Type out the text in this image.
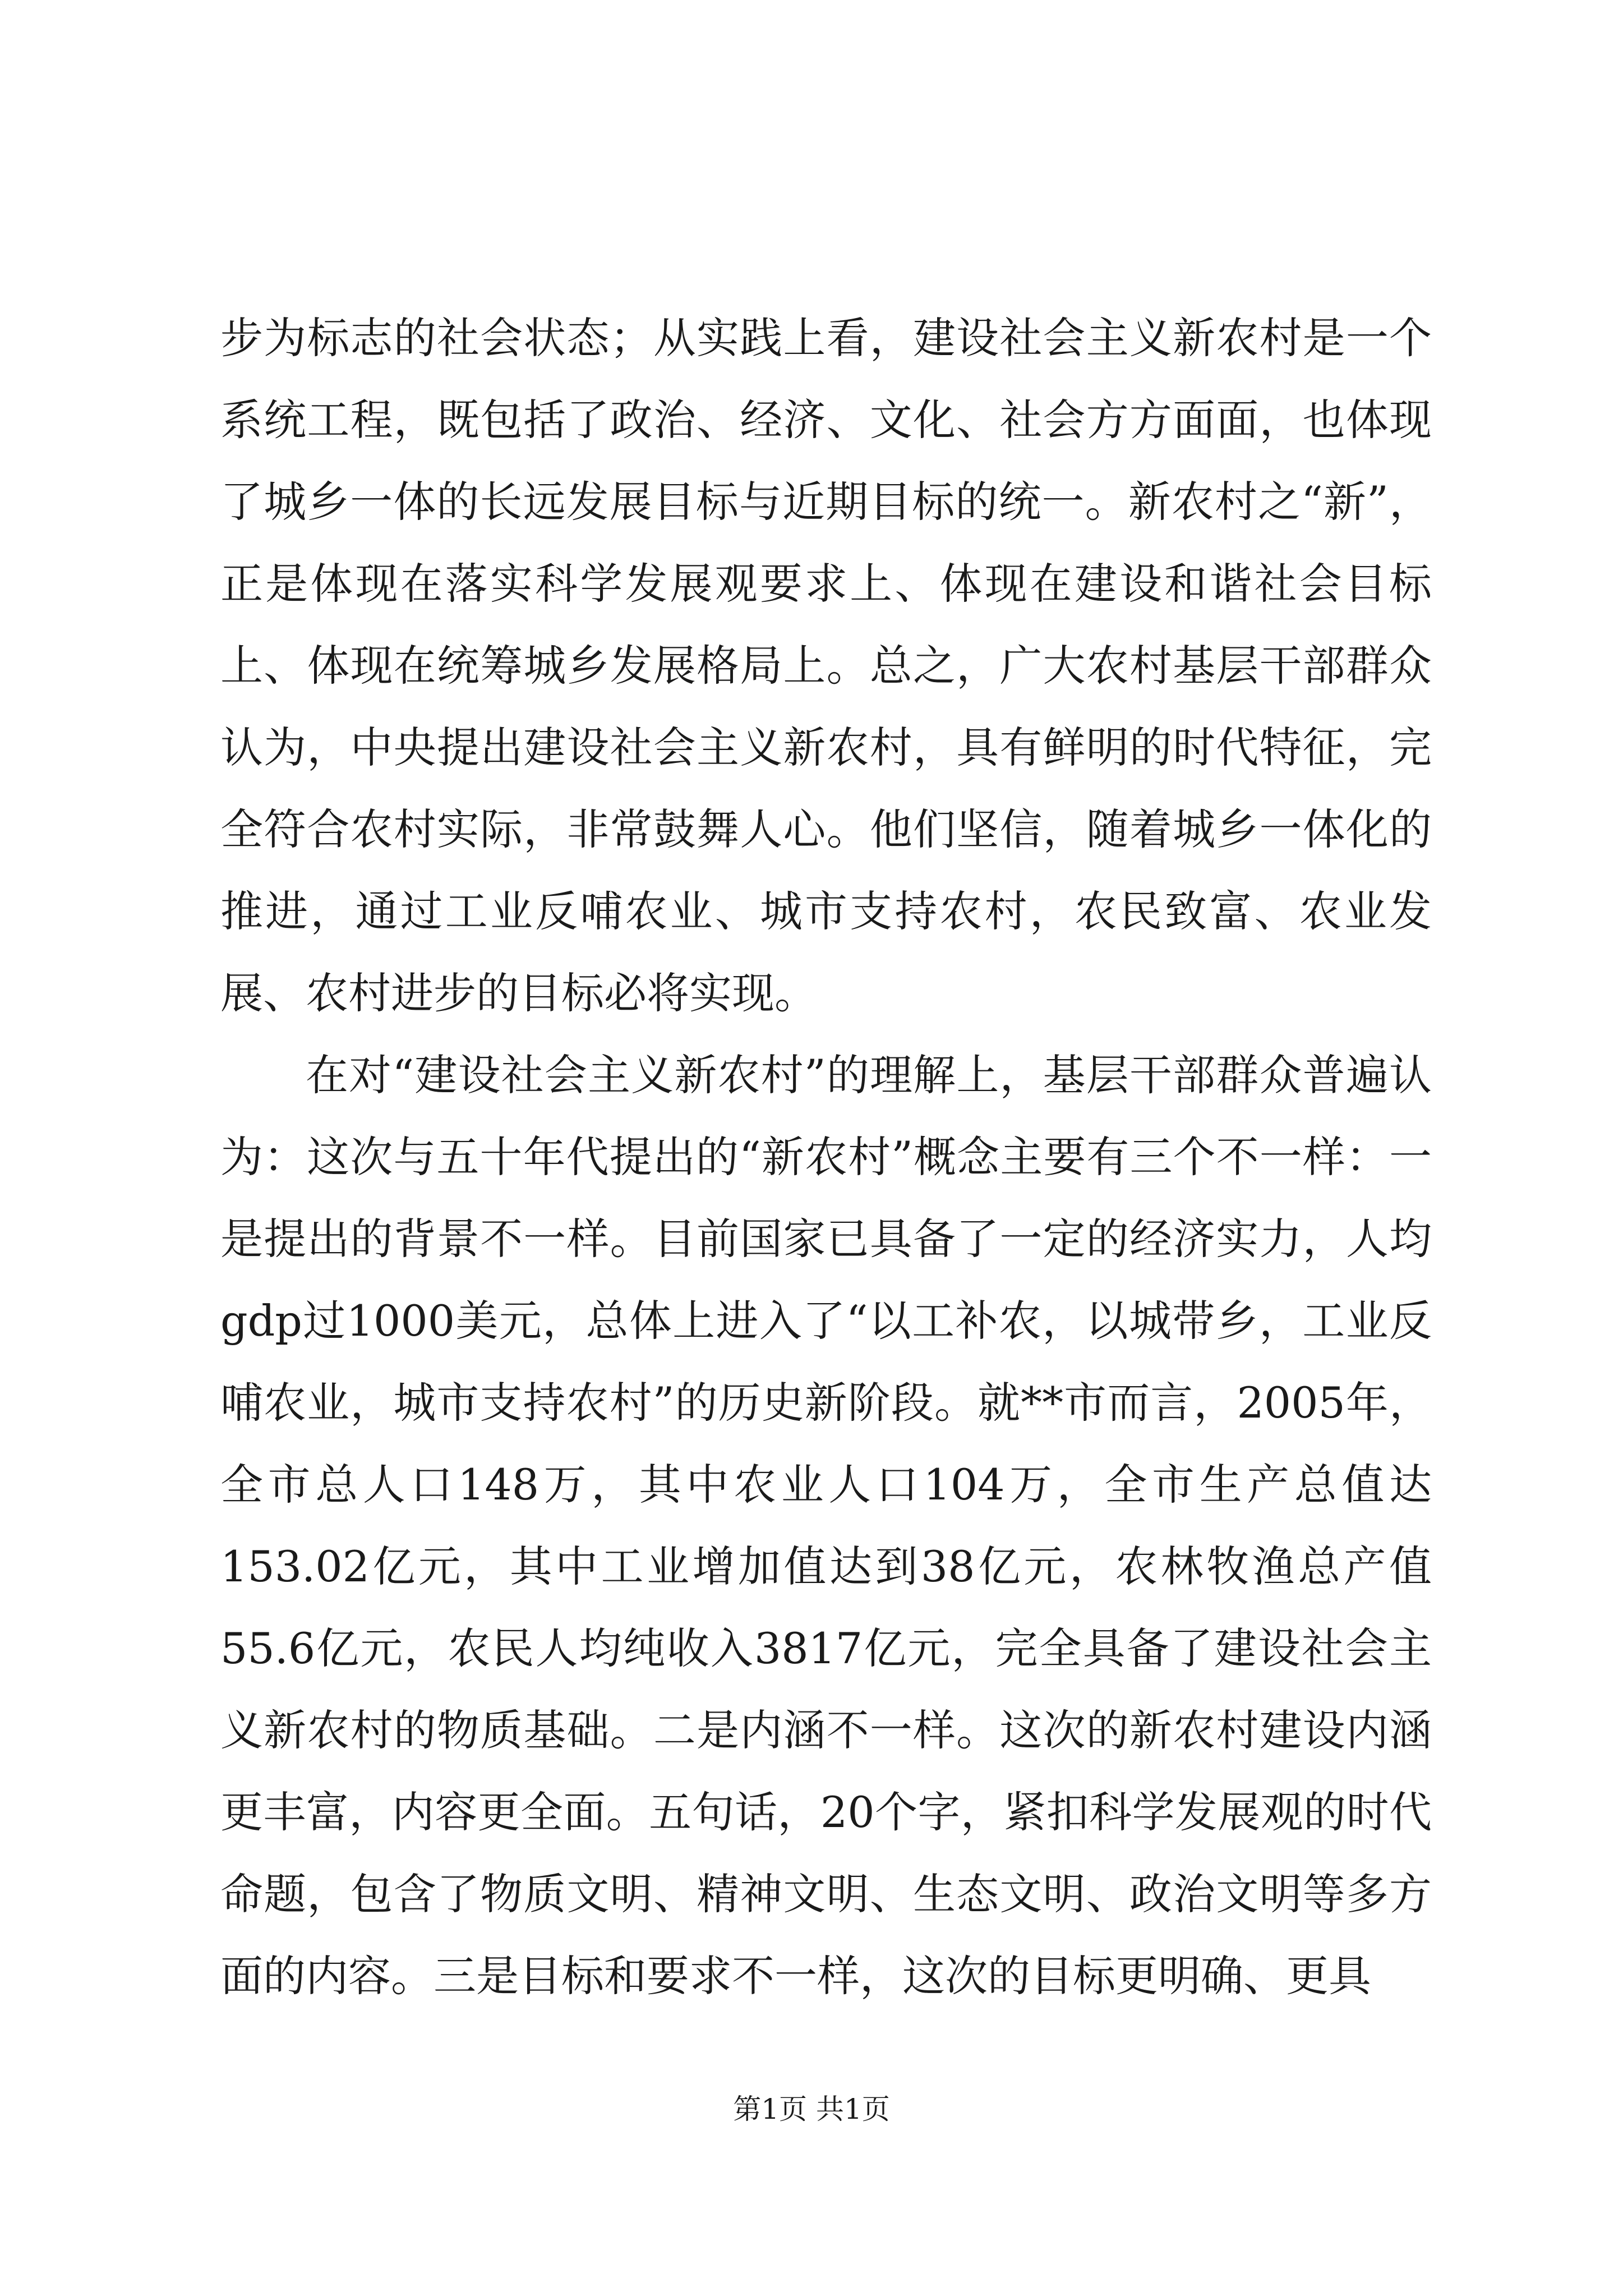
步为标志的社会状态；从实践上看，建设社会主义新农村是一个系统工程，既包括了政治、经济、文化、社会方方面面，也体现了城乡一体的长远发展目标与近期目标的统一。新农村之“新”，正是体现在落实科学发展观要求上、体现在建设和谐社会目标上、体现在统筹城乡发展格局上。总之，广大农村基层干部群众认为，中央提出建设社会主义新农村，具有鲜明的时代特征，完全符合农村实际，非常鼓舞人心。他们坚信，随着城乡一体化的推进，通过工业反哺农业、城市支持农村，农民致富、农业发展、农村进步的目标必将实现。

在对“建设社会主义新农村”的理解上，基层干部群众普遍认为：这次与五十年代提出的“新农村”概念主要有三个不一样：一是提出的背景不一样。目前国家已具备了一定的经济实力，人均gdp过1000美元，总体上进入了“以工补农，以城带乡，工业反哺农业，城市支持农村”的历史新阶段。就**市而言，2005年，全市总人口148万，其中农业人口104万，全市生产总值达153.02亿元，其中工业增加值达到38亿元，农林牧渔总产值55.6亿元，农民人均纯收入3817亿元，完全具备了建设社会主义新农村的物质基础。二是内涵不一样。这次的新农村建设内涵更丰富，内容更全面。五句话，20个字，紧扣科学发展观的时代命题，包含了物质文明、精神文明、生态文明、政治文明等多方面的内容。三是目标和要求不一样，这次的目标更明确、更具

第1页 共1页
